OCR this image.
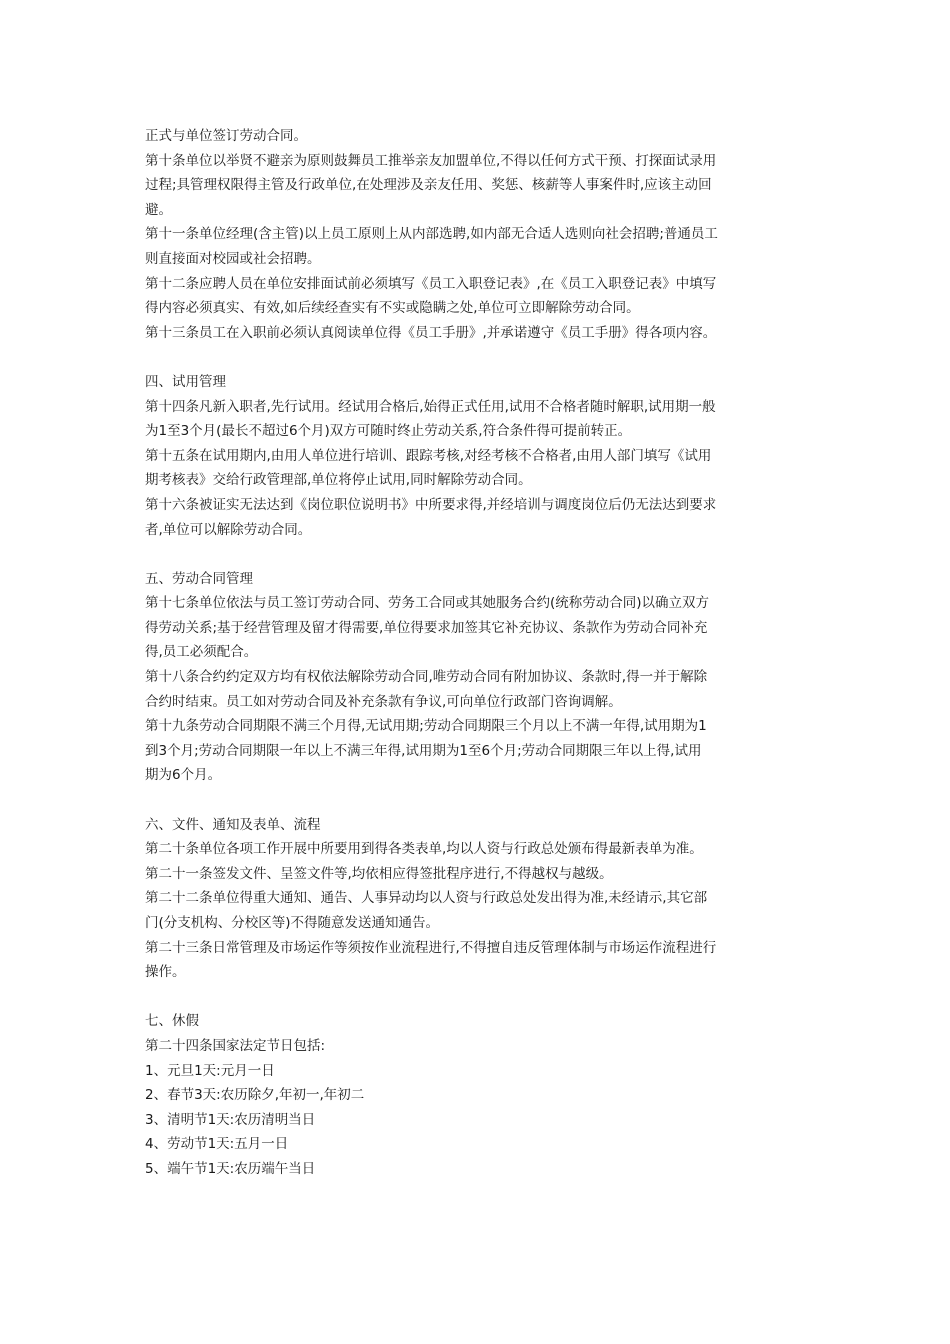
正式与单位签订劳动合同。
第十条单位以举贤不避亲为原则鼓舞员工推举亲友加盟单位,不得以任何方式干预、打探面试录用
过程;具管理权限得主管及行政单位,在处理涉及亲友任用、奖惩、核薪等人事案件时,应该主动回
避。
第十一条单位经理(含主管)以上员工原则上从内部选聘,如内部无合适人选则向社会招聘;普通员工
则直接面对校园或社会招聘。
第十二条应聘人员在单位安排面试前必须填写《员工入职登记表》,在《员工入职登记表》中填写
得内容必须真实、有效,如后续经查实有不实或隐瞒之处,单位可立即解除劳动合同。
第十三条员工在入职前必须认真阅读单位得《员工手册》,并承诺遵守《员工手册》得各项内容。
四、试用管理
第十四条凡新入职者,先行试用。经试用合格后,始得正式任用,试用不合格者随时解职,试用期一般
为1至3个月(最长不超过6个月)双方可随时终止劳动关系,符合条件得可提前转正。
第十五条在试用期内,由用人单位进行培训、跟踪考核,对经考核不合格者,由用人部门填写《试用
期考核表》交给行政管理部,单位将停止试用,同时解除劳动合同。
第十六条被证实无法达到《岗位职位说明书》中所要求得,并经培训与调度岗位后仍无法达到要求
者,单位可以解除劳动合同。
五、劳动合同管理
第十七条单位依法与员工签订劳动合同、劳务工合同或其她服务合约(统称劳动合同)以确立双方
得劳动关系;基于经营管理及留才得需要,单位得要求加签其它补充协议、条款作为劳动合同补充
得,员工必须配合。
第十八条合约约定双方均有权依法解除劳动合同,唯劳动合同有附加协议、条款时,得一并于解除
合约时结束。员工如对劳动合同及补充条款有争议,可向单位行政部门咨询调解。
第十九条劳动合同期限不满三个月得,无试用期;劳动合同期限三个月以上不满一年得,试用期为1
到3个月;劳动合同期限一年以上不满三年得,试用期为1至6个月;劳动合同期限三年以上得,试用
期为6个月。
六、文件、通知及表单、流程
第二十条单位各项工作开展中所要用到得各类表单,均以人资与行政总处颁布得最新表单为准。
第二十一条签发文件、呈签文件等,均依相应得签批程序进行,不得越权与越级。
第二十二条单位得重大通知、通告、人事异动均以人资与行政总处发出得为准,未经请示,其它部
门(分支机构、分校区等)不得随意发送通知通告。
第二十三条日常管理及市场运作等须按作业流程进行,不得擅自违反管理体制与市场运作流程进行
操作。
七、休假
第二十四条国家法定节日包括:
1、元旦1天:元月一日
2、春节3天:农历除夕,年初一,年初二
3、清明节1天:农历清明当日
4、劳动节1天:五月一日
5、端午节1天:农历端午当日
